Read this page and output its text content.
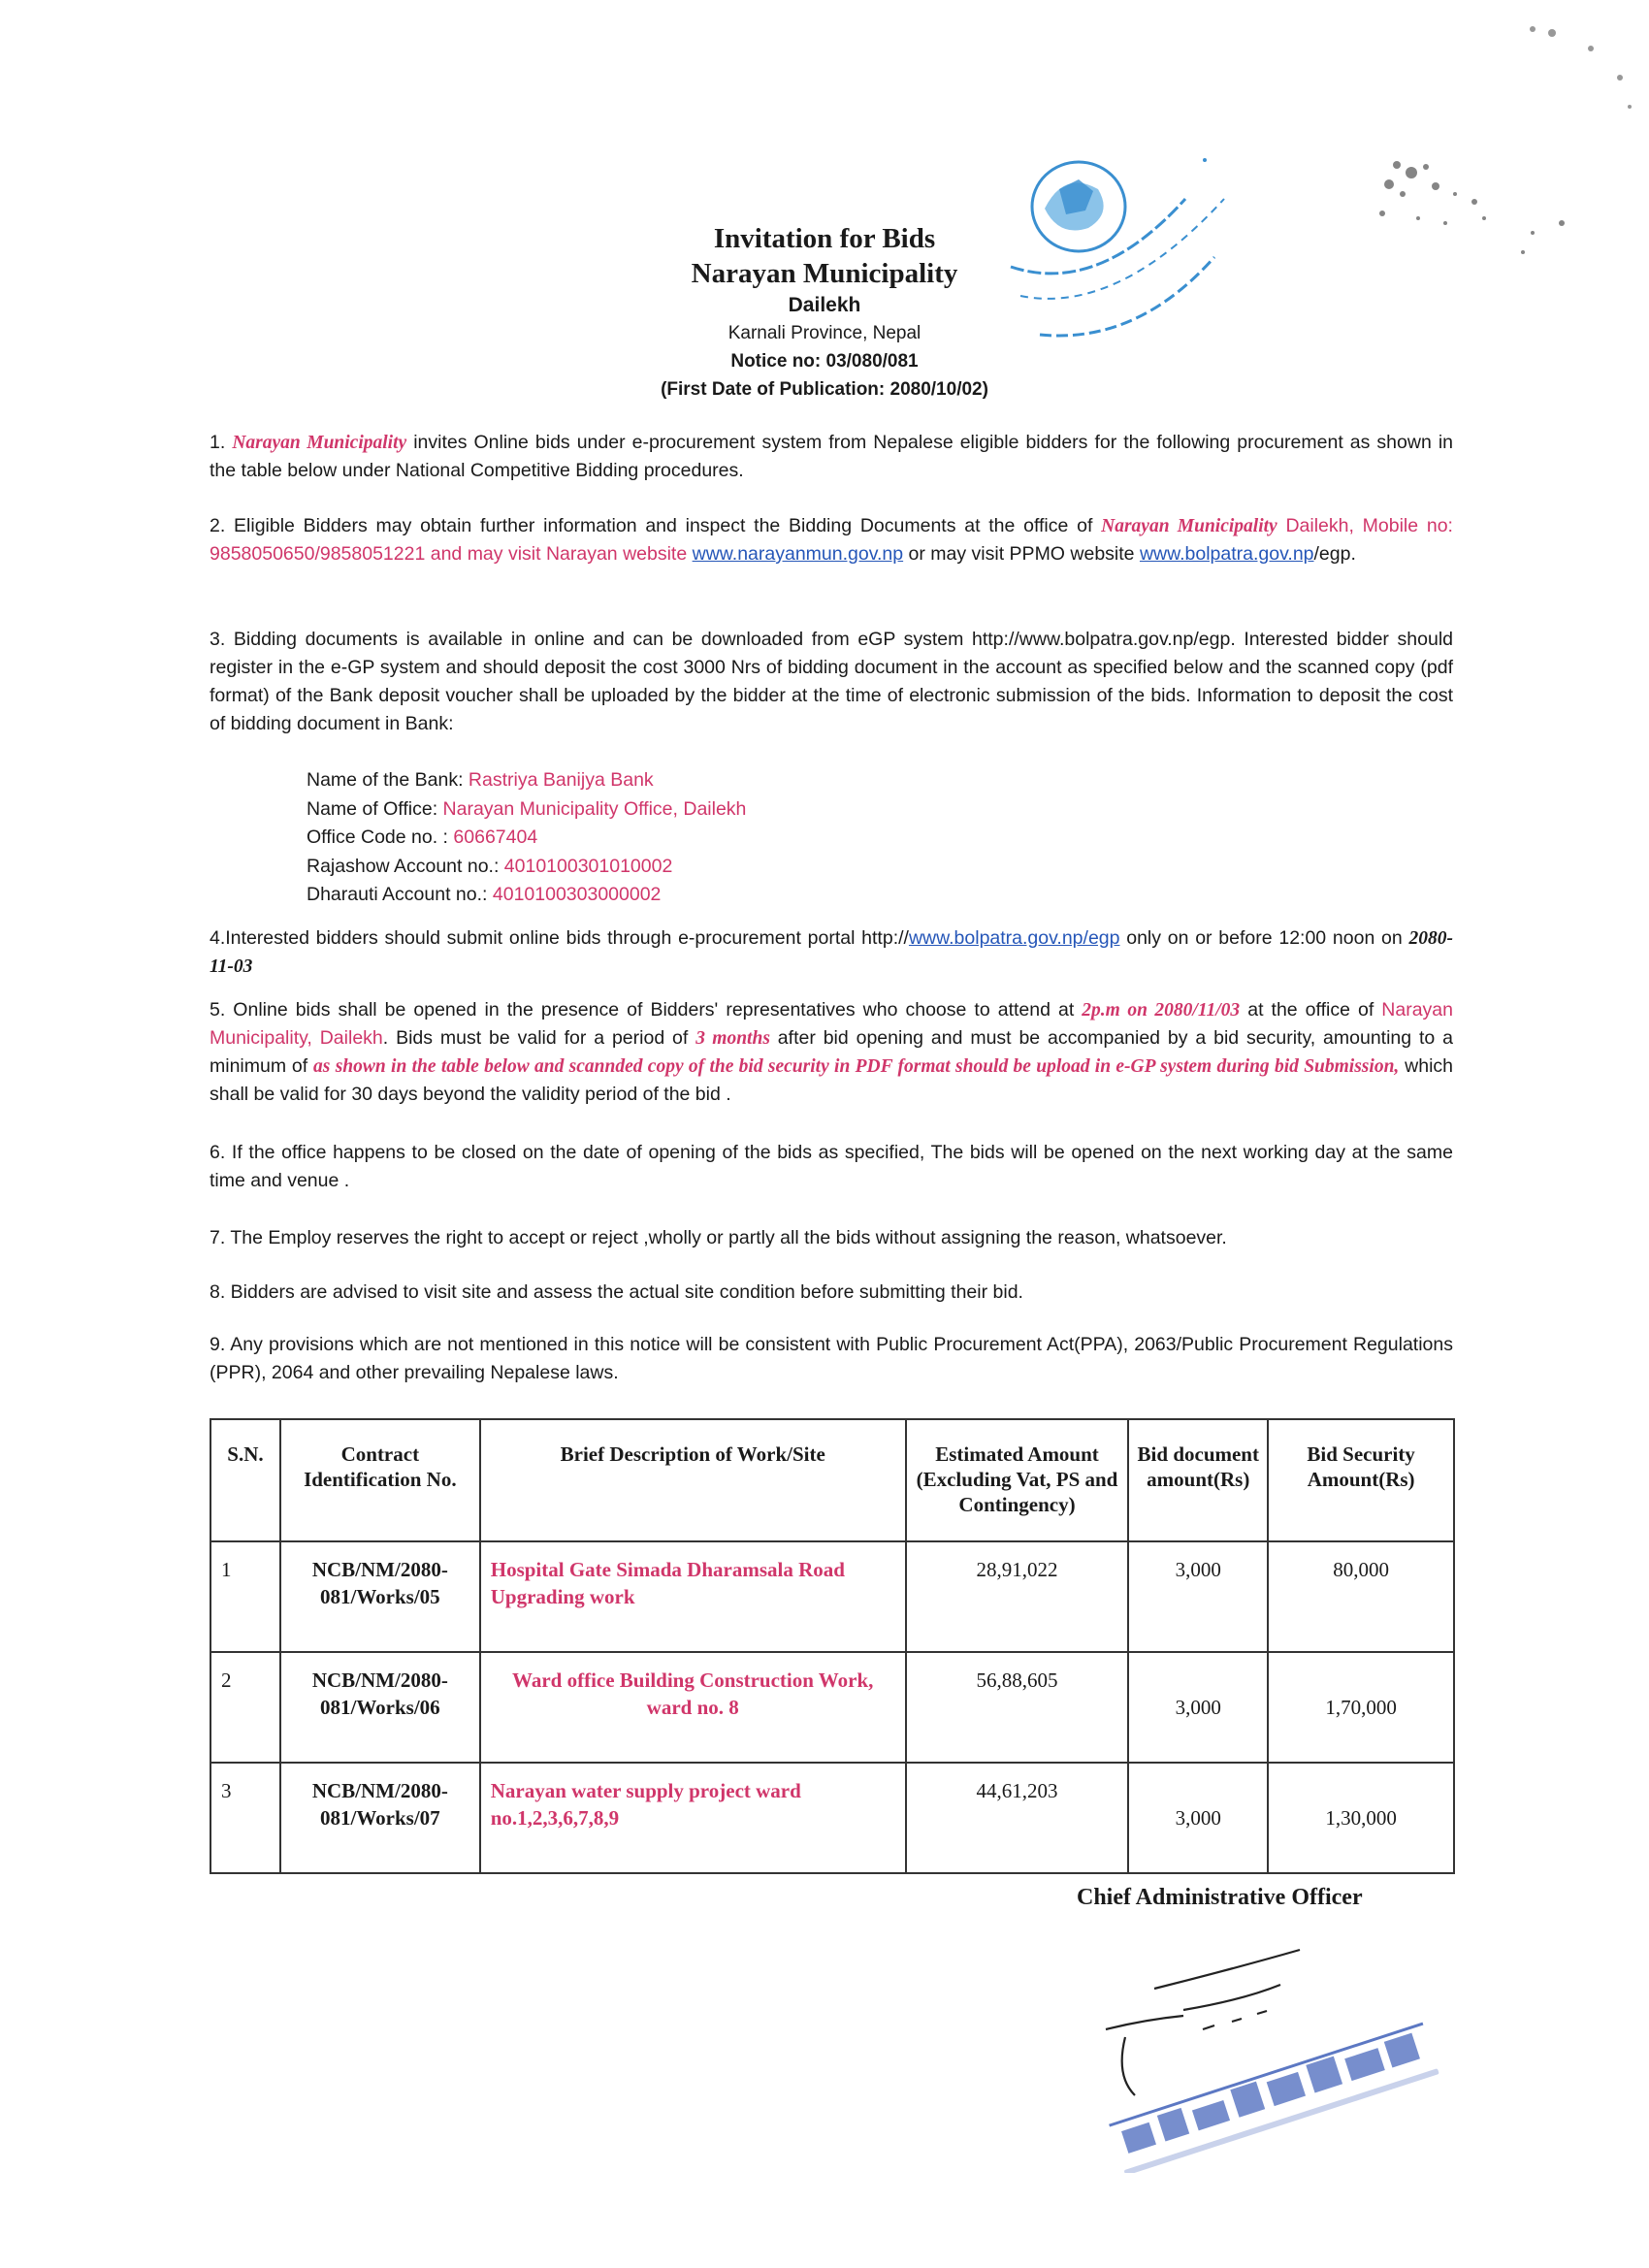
Invitation for Bids
Narayan Municipality
Dailekh
Karnali Province, Nepal
Notice no: 03/080/081
(First Date of Publication: 2080/10/02)
1. Narayan Municipality invites Online bids under e-procurement system from Nepalese eligible bidders for the following procurement as shown in the table below under National Competitive Bidding procedures.
2. Eligible Bidders may obtain further information and inspect the Bidding Documents at the office of Narayan Municipality Dailekh, Mobile no: 9858050650/9858051221 and may visit Narayan website www.narayanmun.gov.np or may visit PPMO website www.bolpatra.gov.np/egp.
3. Bidding documents is available in online and can be downloaded from eGP system http://www.bolpatra.gov.np/egp. Interested bidder should register in the e-GP system and should deposit the cost 3000 Nrs of bidding document in the account as specified below and the scanned copy (pdf format) of the Bank deposit voucher shall be uploaded by the bidder at the time of electronic submission of the bids. Information to deposit the cost of bidding document in Bank:
Name of the Bank: Rastriya Banijya Bank
Name of Office: Narayan Municipality Office, Dailekh
Office Code no. : 60667404
Rajashow Account no.: 4010100301010002
Dharauti Account no.: 4010100303000002
4.Interested bidders should submit online bids through e-procurement portal http://www.bolpatra.gov.np/egp only on or before 12:00 noon on 2080-11-03
5. Online bids shall be opened in the presence of Bidders' representatives who choose to attend at 2p.m on 2080/11/03 at the office of Narayan Municipality, Dailekh. Bids must be valid for a period of 3 months after bid opening and must be accompanied by a bid security, amounting to a minimum of as shown in the table below and scannded copy of the bid security in PDF format should be upload in e-GP system during bid Submission, which shall be valid for 30 days beyond the validity period of the bid .
6. If the office happens to be closed on the date of opening of the bids as specified, The bids will be opened on the next working day at the same time and venue .
7. The Employ reserves the right to accept or reject ,wholly or partly all the bids without assigning the reason, whatsoever.
8. Bidders are advised to visit site and assess the actual site condition before submitting their bid.
9. Any provisions which are not mentioned in this notice will be consistent with Public Procurement Act(PPA), 2063/Public Procurement Regulations (PPR), 2064 and other prevailing Nepalese laws.
S.N.	Contract Identification No.	Brief Description of Work/Site	Estimated Amount (Excluding Vat, PS and Contingency)	Bid document amount(Rs)	Bid Security Amount(Rs)
1	NCB/NM/2080-081/Works/05	Hospital Gate Simada Dharamsala Road Upgrading work	28,91,022	3,000	80,000
2	NCB/NM/2080-081/Works/06	Ward office Building Construction Work, ward no. 8	56,88,605	3,000	1,70,000
3	NCB/NM/2080-081/Works/07	Narayan water supply project ward no.1,2,3,6,7,8,9	44,61,203	3,000	1,30,000
Chief Administrative Officer
